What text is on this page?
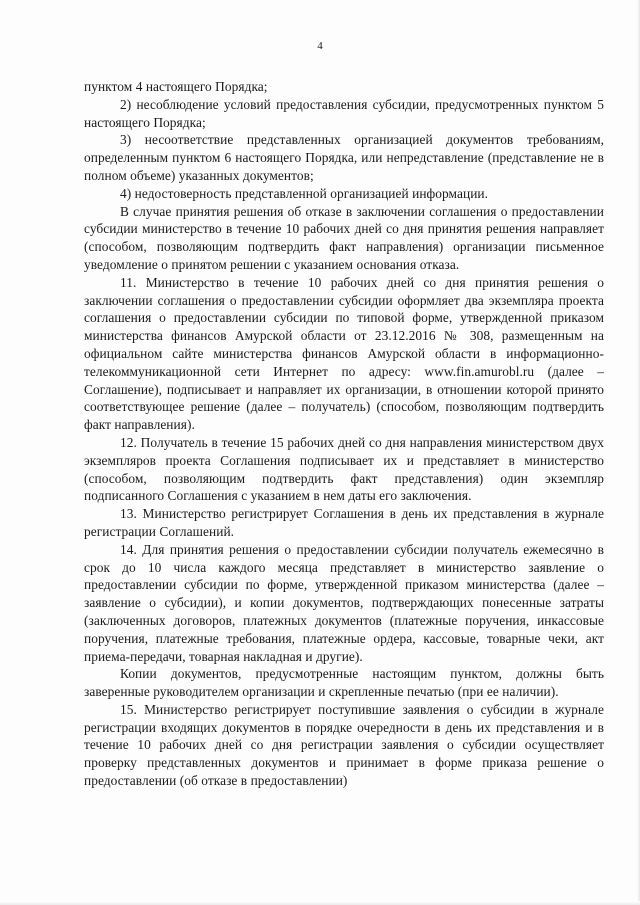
4

пунктом 4 настоящего Порядка;

2) несоблюдение условий предоставления субсидии, предусмотренных пунктом 5 настоящего Порядка;

3) несоответствие представленных организацией документов требованиям, определенным пунктом 6 настоящего Порядка, или непредставление (представление не в полном объеме) указанных документов;

4) недостоверность представленной организацией информации.

В случае принятия решения об отказе в заключении соглашения о предоставлении субсидии министерство в течение 10 рабочих дней со дня принятия решения направляет (способом, позволяющим подтвердить факт направления) организации письменное уведомление о принятом решении с указанием основания отказа.

11. Министерство в течение 10 рабочих дней со дня принятия решения о заключении соглашения о предоставлении субсидии оформляет два экземпляра проекта соглашения о предоставлении субсидии по типовой форме, утвержденной приказом министерства финансов Амурской области от 23.12.2016 № 308, размещенным на официальном сайте министерства финансов Амурской области в информационно-телекоммуникационной сети Интернет по адресу: www.fin.amurobl.ru (далее – Соглашение), подписывает и направляет их организации, в отношении которой принято соответствующее решение (далее – получатель) (способом, позволяющим подтвердить факт направления).

12. Получатель в течение 15 рабочих дней со дня направления министерством двух экземпляров проекта Соглашения подписывает их и представляет в министерство (способом, позволяющим подтвердить факт представления) один экземпляр подписанного Соглашения с указанием в нем даты его заключения.

13. Министерство регистрирует Соглашения в день их представления в журнале регистрации Соглашений.

14. Для принятия решения о предоставлении субсидии получатель ежемесячно в срок до 10 числа каждого месяца представляет в министерство заявление о предоставлении субсидии по форме, утвержденной приказом министерства (далее – заявление о субсидии), и копии документов, подтверждающих понесенные затраты (заключенных договоров, платежных документов (платежные поручения, инкассовые поручения, платежные требования, платежные ордера, кассовые, товарные чеки, акт приема-передачи, товарная накладная и другие).

Копии документов, предусмотренные настоящим пунктом, должны быть заверенные руководителем организации и скрепленные печатью (при ее наличии).

15. Министерство регистрирует поступившие заявления о субсидии в журнале регистрации входящих документов в порядке очередности в день их представления и в течение 10 рабочих дней со дня регистрации заявления о субсидии осуществляет проверку представленных документов и принимает в форме приказа решение о предоставлении (об отказе в предоставлении)
